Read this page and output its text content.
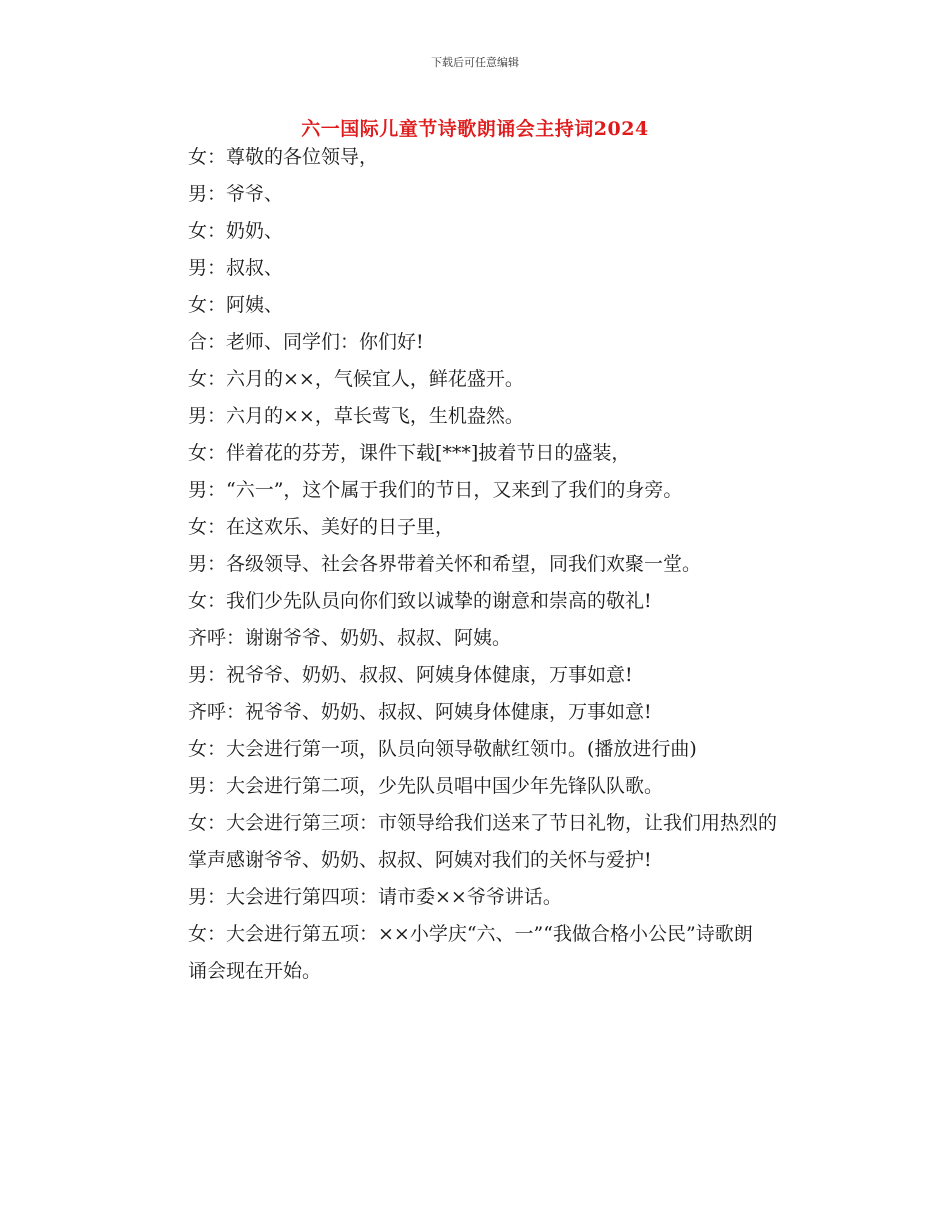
下载后可任意编辑
六一国际儿童节诗歌朗诵会主持词2024

女：尊敬的各位领导，

男：爷爷、

女：奶奶、

男：叔叔、

女：阿姨、

合：老师、同学们：你们好!

女：六月的××，气候宜人，鲜花盛开。

男：六月的××，草长莺飞，生机盎然。

女：伴着花的芬芳，课件下载[***]披着节日的盛装，

男：“六一”，这个属于我们的节日，又来到了我们的身旁。

女：在这欢乐、美好的日子里，

男：各级领导、社会各界带着关怀和希望，同我们欢聚一堂。

女：我们少先队员向你们致以诚挚的谢意和崇高的敬礼!

齐呼：谢谢爷爷、奶奶、叔叔、阿姨。

男：祝爷爷、奶奶、叔叔、阿姨身体健康，万事如意!

齐呼：祝爷爷、奶奶、叔叔、阿姨身体健康，万事如意!

女：大会进行第一项，队员向领导敬献红领巾。(播放进行曲)

男：大会进行第二项，少先队员唱中国少年先锋队队歌。

女：大会进行第三项：市领导给我们送来了节日礼物，让我们用热烈的

掌声感谢爷爷、奶奶、叔叔、阿姨对我们的关怀与爱护!

男：大会进行第四项：请市委××爷爷讲话。

女：大会进行第五项：××小学庆“六、一”“我做合格小公民”诗歌朗

诵会现在开始。
